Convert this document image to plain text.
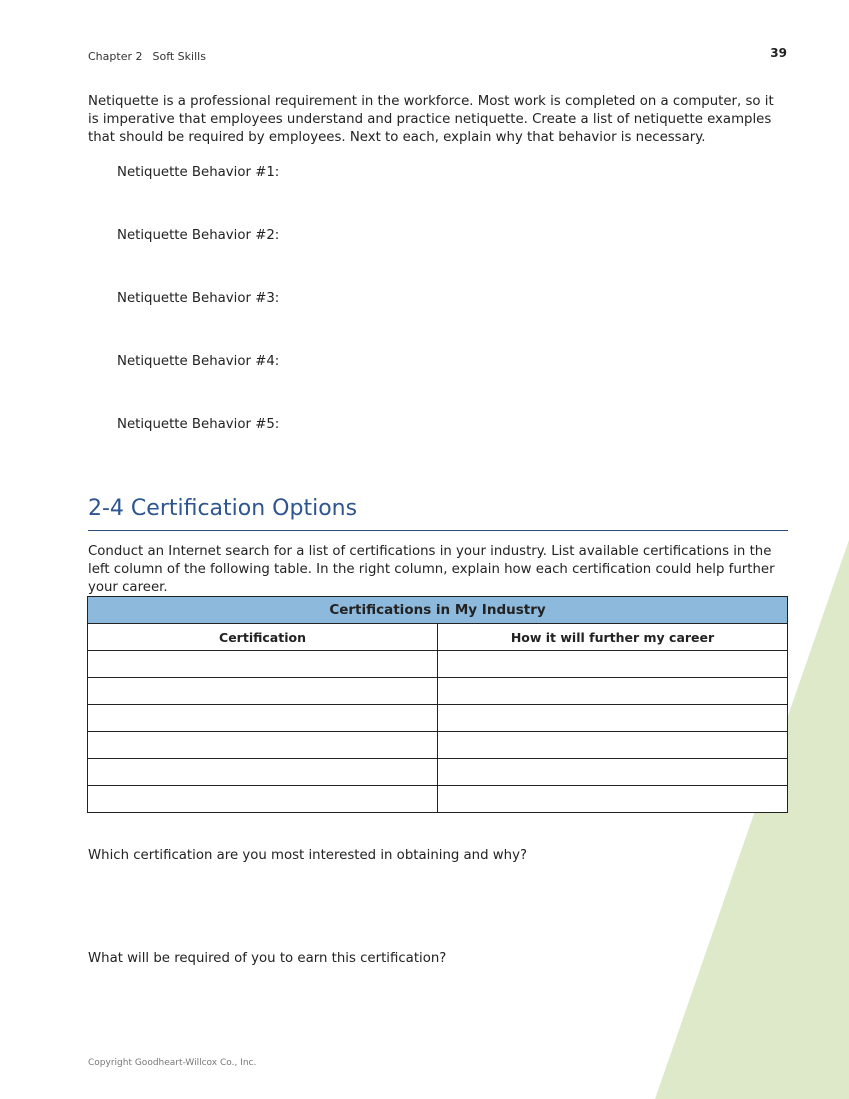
Chapter 2 Soft Skills	39
Netiquette is a professional requirement in the workforce. Most work is completed on a computer, so it is imperative that employees understand and practice netiquette. Create a list of netiquette examples that should be required by employees. Next to each, explain why that behavior is necessary.
Netiquette Behavior #1:
Netiquette Behavior #2:
Netiquette Behavior #3:
Netiquette Behavior #4:
Netiquette Behavior #5:
2-4 Certification Options
Conduct an Internet search for a list of certifications in your industry. List available certifications in the left column of the following table. In the right column, explain how each certification could help further your career.
Certifications in My Industry	
Certification	How it will further my career

Which certification are you most interested in obtaining and why?
What will be required of you to earn this certification?
Copyright Goodheart-Willcox Co., Inc.
